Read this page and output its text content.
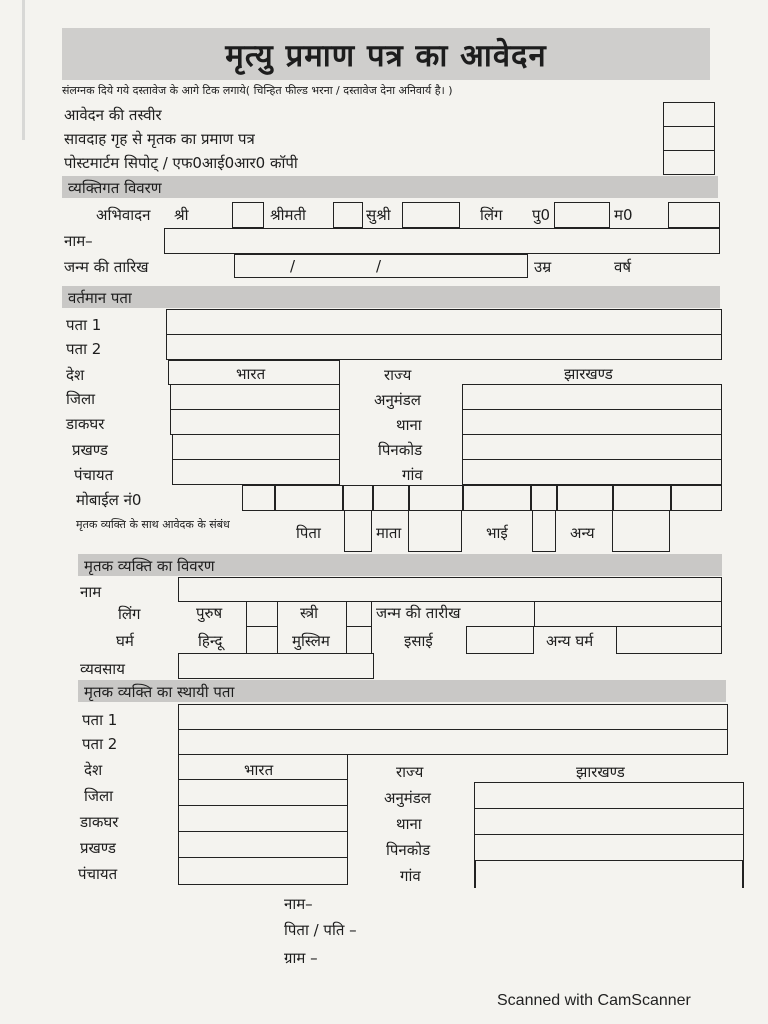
मृत्यु प्रमाण पत्र का आवेदन
संलग्नक दिये गये दस्तावेज के आगे टिक लगाये( चिन्हित फील्ड भरना / दस्तावेज देना अनिवार्य है। )
आवेदन की तस्वीर
सावदाह गृह से मृतक का प्रमाण पत्र
पोस्टमार्टम सिपोट् / एफ0आई0आर0 कॉपी
व्यक्तिगत विवरण
अभिवादन श्री	श्रीमती	सुश्री	लिंग पु0	म0
नाम–
जन्म की तारिख	/	/	उम्र	वर्ष
वर्तमान पता
पता 1
पता 2
देश	भारत	राज्य	झारखण्ड
जिला	अनुमंडल
डाकघर	थाना
प्रखण्ड	पिनकोड
पंचायत	गांव
मोबाईल नं0
मृतक व्यक्ति के साथ आवेदक के संबंध	पिता	माता	भाई	अन्य
मृतक व्यक्ति का विवरण
नाम
लिंग	पुरुष	स्त्री	जन्म की तारीख
घर्म	हिन्दू	मुस्लिम	इसाई	अन्य घर्म
व्यवसाय
मृतक व्यक्ति का स्थायी पता
पता 1
पता 2
देश	भारत	राज्य	झारखण्ड
जिला	अनुमंडल
डाकघर	थाना
प्रखण्ड	पिनकोड
पंचायत	गांव
नाम–
पिता / पति –
ग्राम –
Scanned with CamScanner
